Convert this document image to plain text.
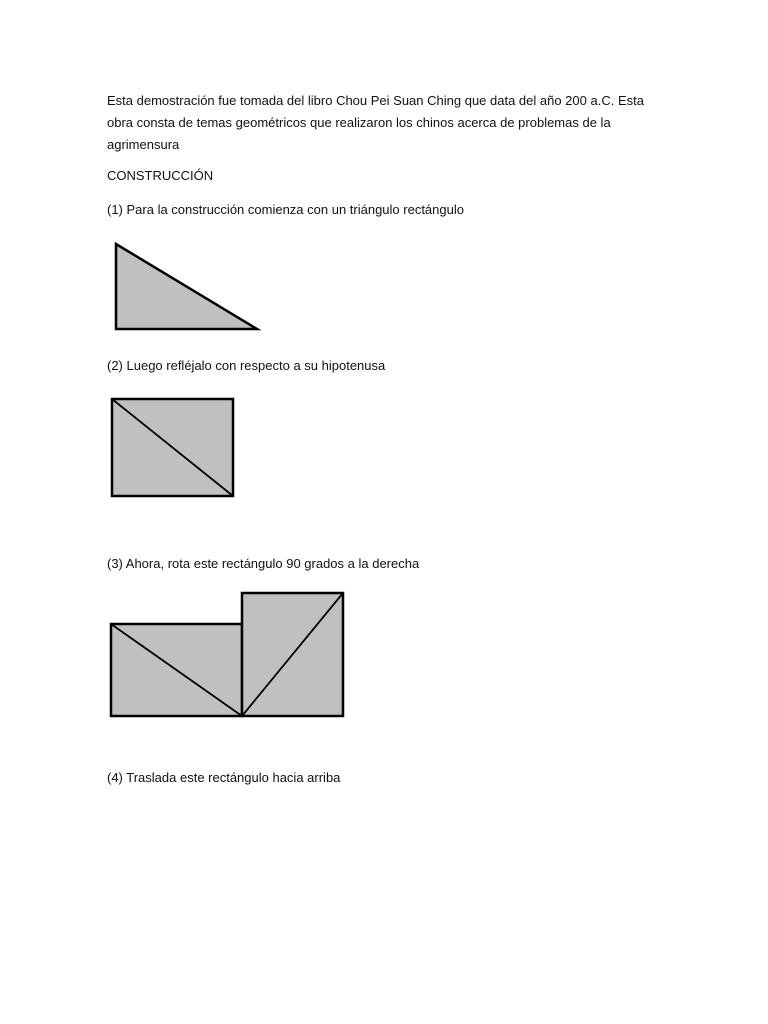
Esta demostración fue tomada del libro Chou Pei Suan Ching que data del año 200 a.C. Esta
obra consta de temas geométricos que realizaron los chinos acerca de problemas de la
agrimensura
CONSTRUCCIÓN
(1) Para la construcción comienza con un triángulo rectángulo
(2) Luego refléjalo con respecto a su hipotenusa
(3) Ahora, rota este rectángulo 90 grados a la derecha
(4) Traslada este rectángulo hacia arriba
